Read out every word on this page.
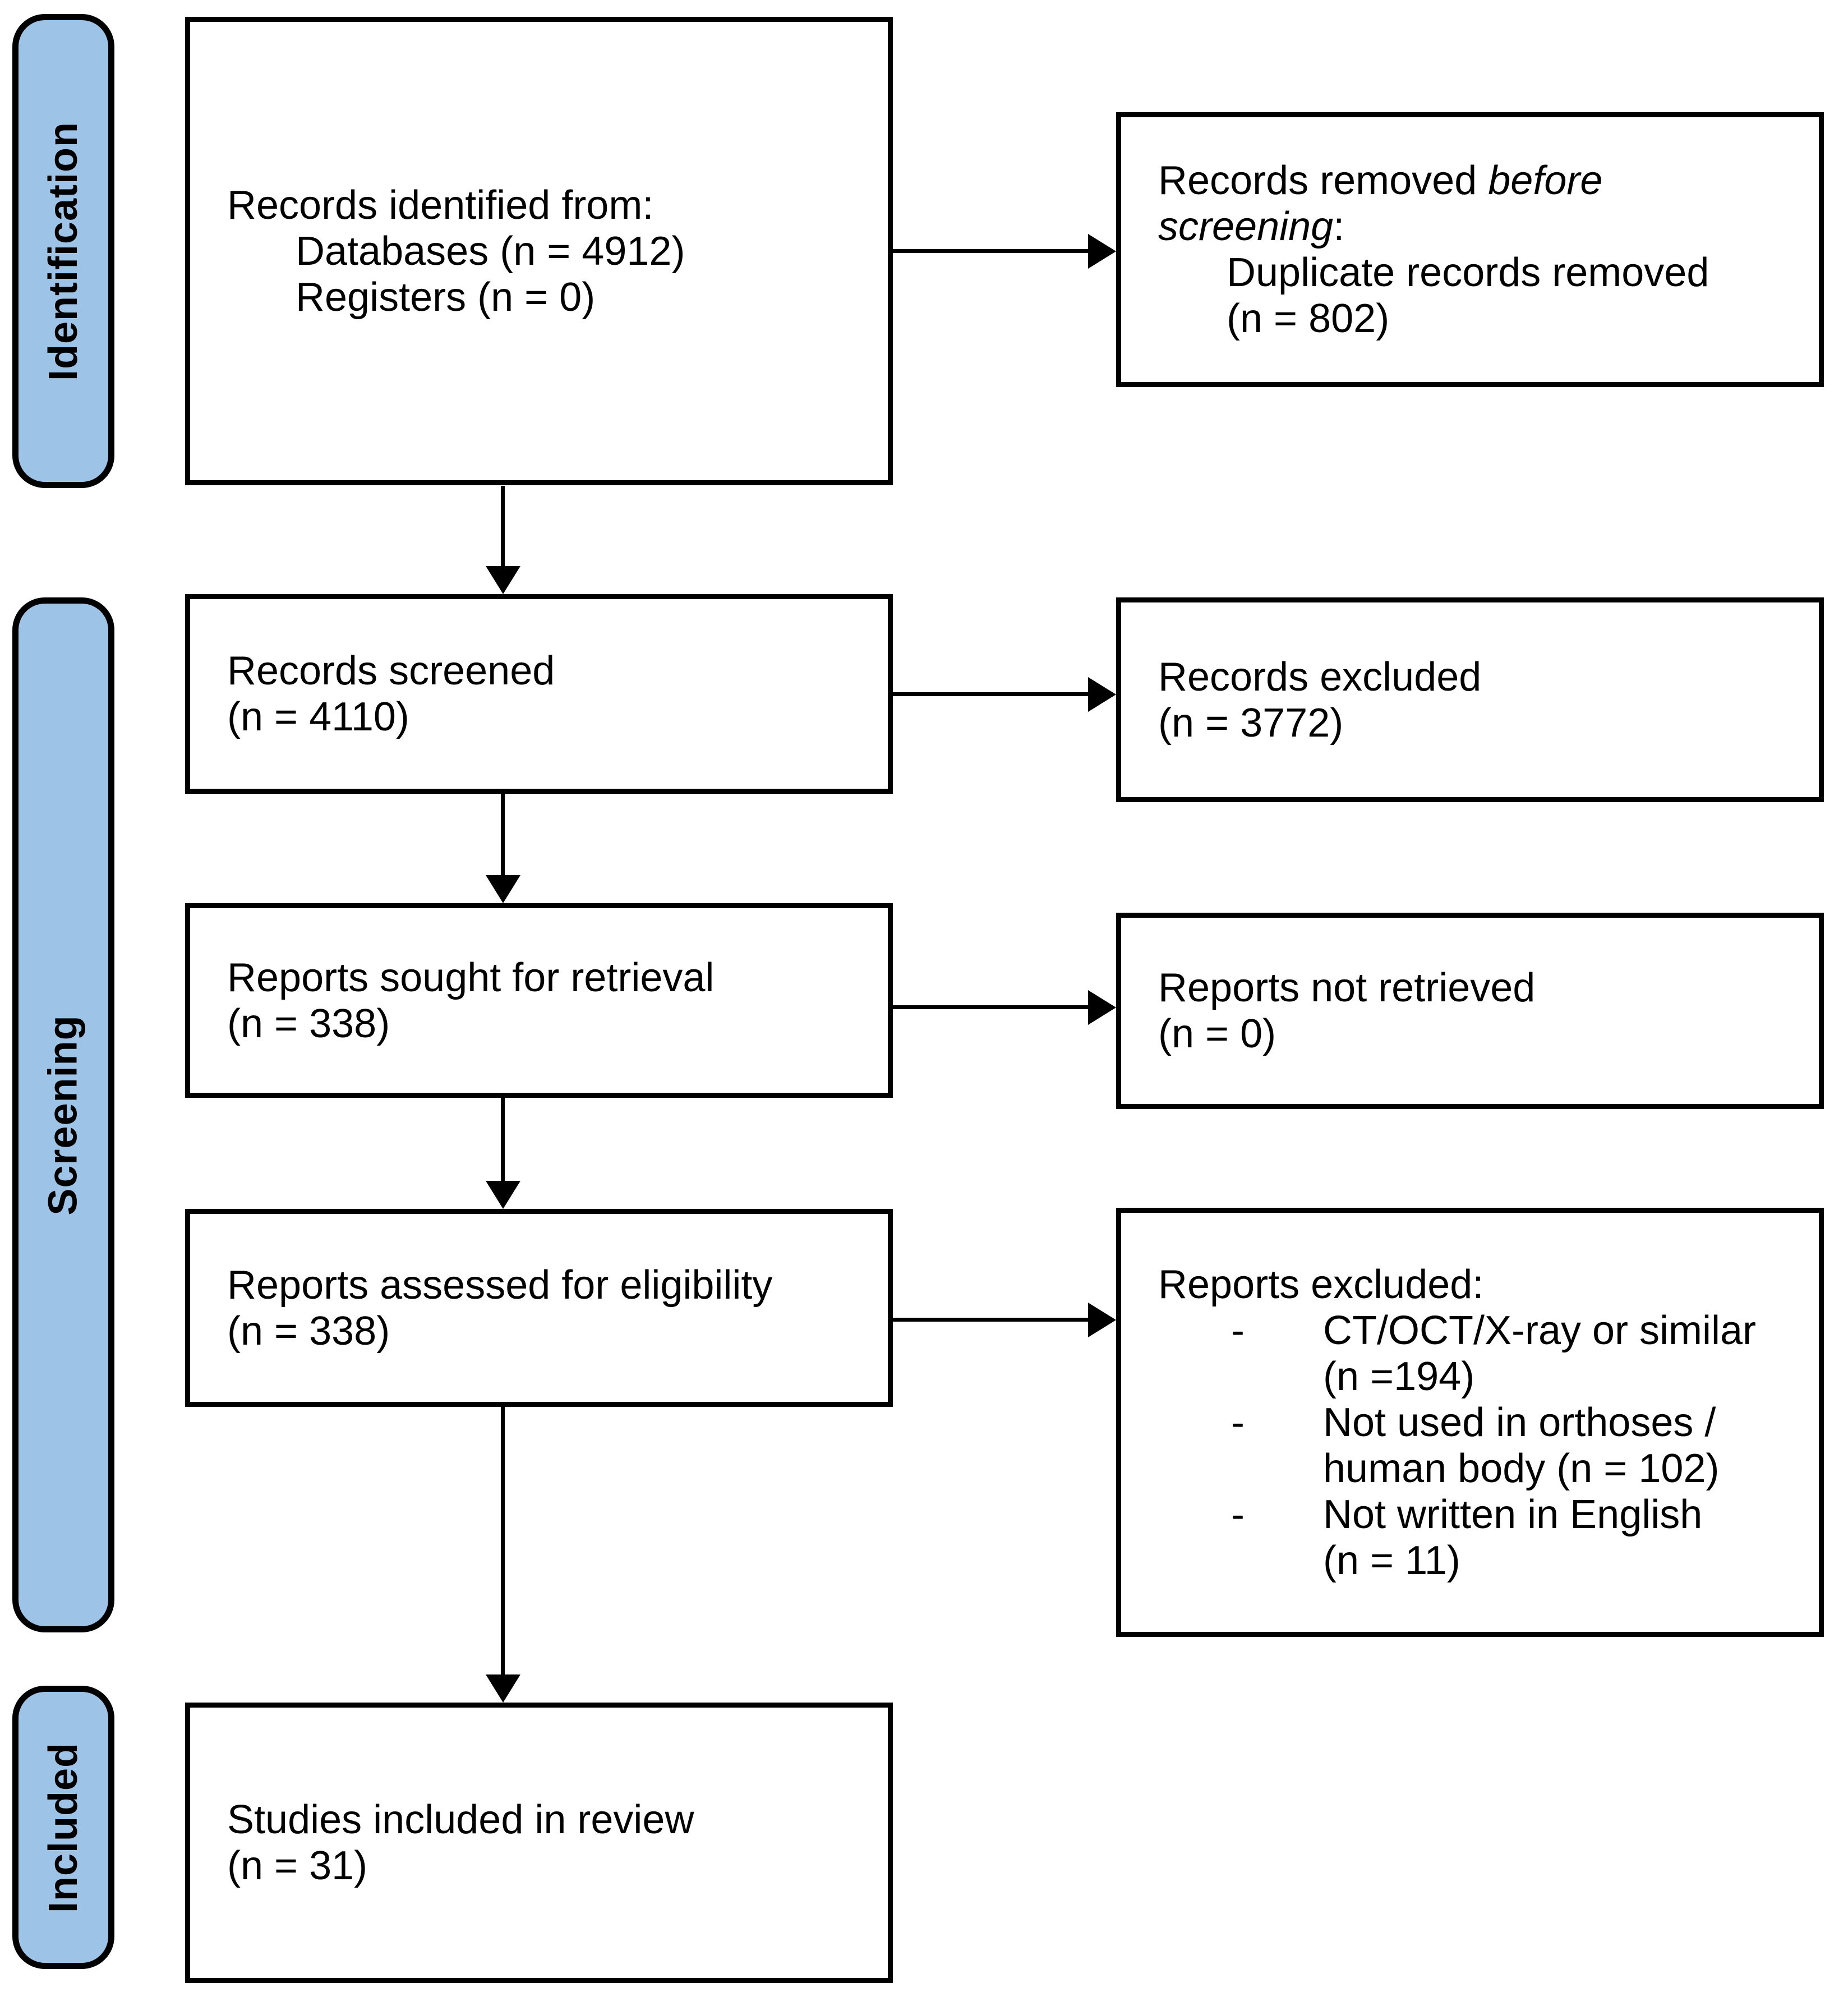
Identification
Screening
Included
Records identified from:
Databases (n = 4912)
Registers (n = 0)
Records screened
(n = 4110)
Reports sought for retrieval
(n = 338)
Reports assessed for eligibility
(n = 338)
Studies included in review
(n = 31)
Records removed before
screening:
Duplicate records removed
(n = 802)
Records excluded
(n = 3772)
Reports not retrieved
(n = 0)
Reports excluded:
-	CT/OCT/X-ray or similar
(n =194)
-	Not used in orthoses /
human body (n = 102)
-	Not written in English
(n = 11)
